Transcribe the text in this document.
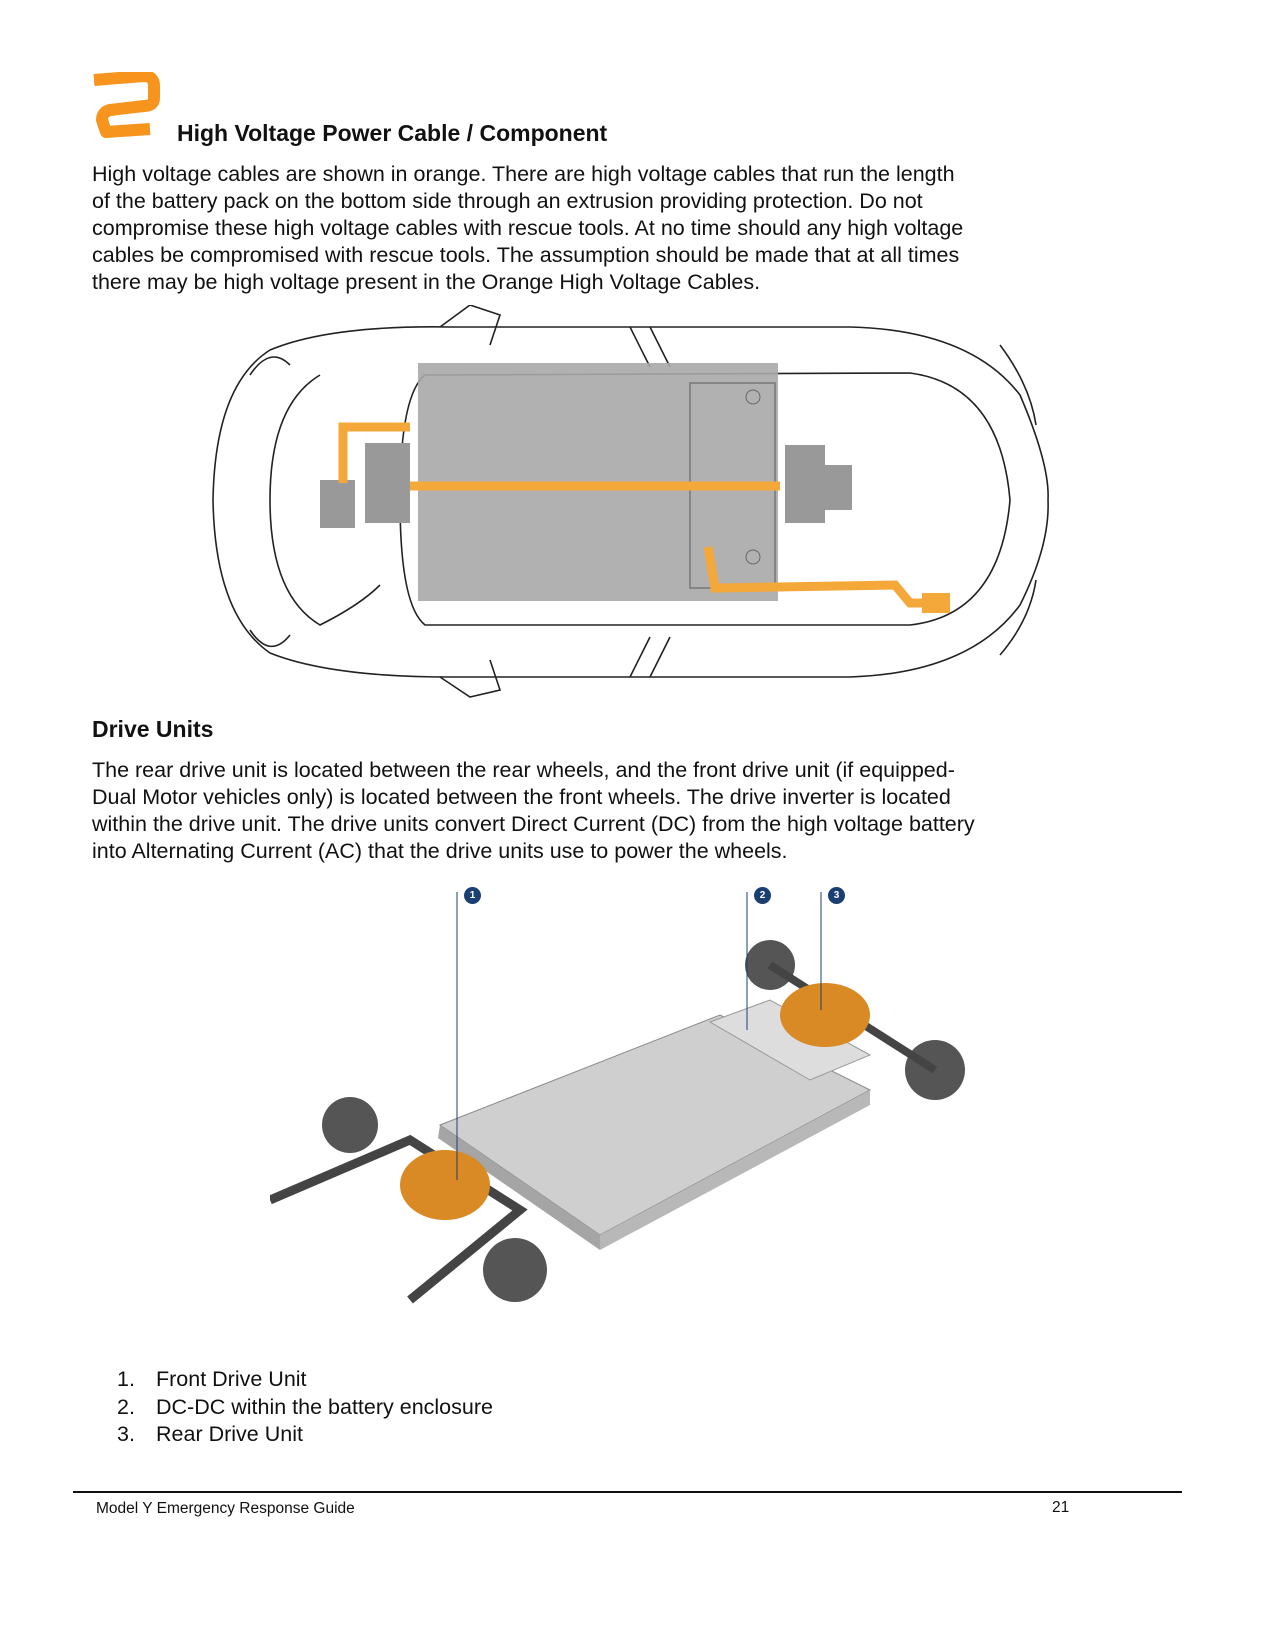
High Voltage Power Cable / Component
High voltage cables are shown in orange. There are high voltage cables that run the length
of the battery pack on the bottom side through an extrusion providing protection. Do not
compromise these high voltage cables with rescue tools. At no time should any high voltage
cables be compromised with rescue tools. The assumption should be made that at all times
there may be high voltage present in the Orange High Voltage Cables.
Drive Units
The rear drive unit is located between the rear wheels, and the front drive unit (if equipped-
Dual Motor vehicles only) is located between the front wheels. The drive inverter is located
within the drive unit. The drive units convert Direct Current (DC) from the high voltage battery
into Alternating Current (AC) that the drive units use to power the wheels.
1	2	3
1. Front Drive Unit
2. DC-DC within the battery enclosure
3. Rear Drive Unit
Model Y Emergency Response Guide	21
